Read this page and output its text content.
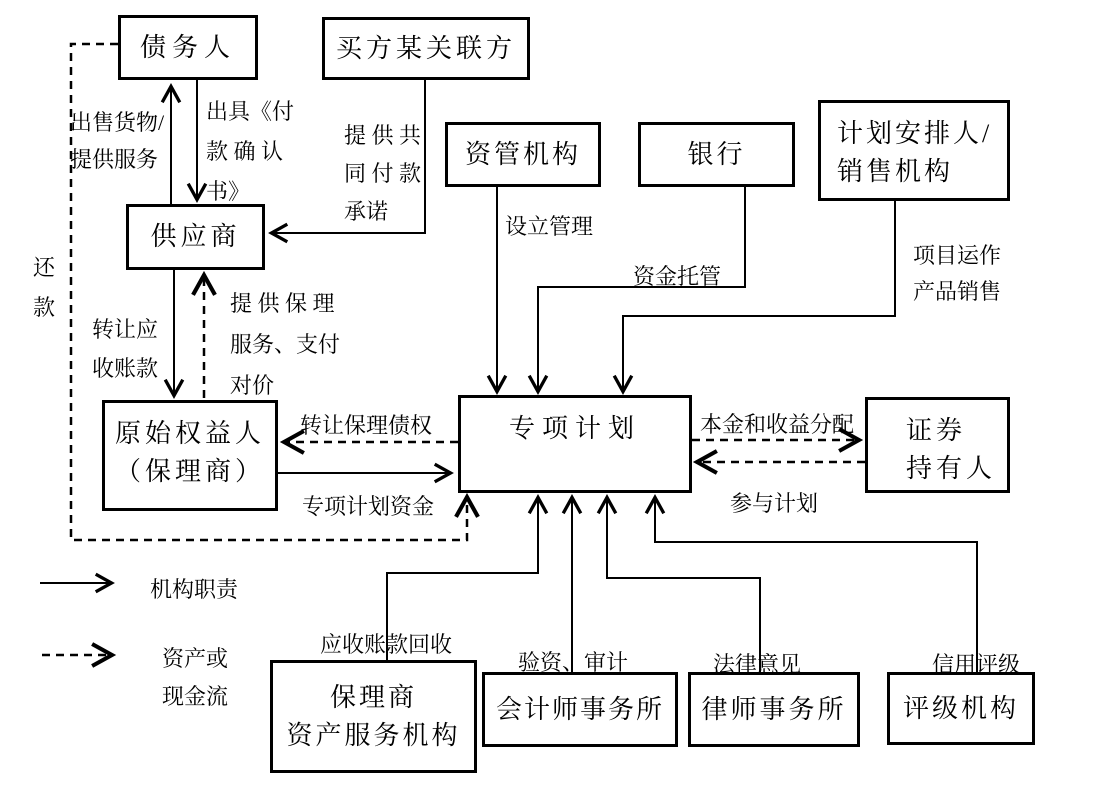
债务人	买方某关联方
资管机构	银行
计划安排人/
销售机构
供应商
原始权益人
（保理商）
专项计划	证券
持有人
保理商
资产服务机构
会计师事务所 律师事务所 评级机构
出售货物/
提供服务
出具《付
款 确 认
书》
提 供 共
同 付 款
承诺
还
款
设立管理
资金托管
项目运作
产品销售
转让应
收账款
提 供 保 理
服务、支付
对价
转让保理债权
专项计划资金
本金和收益分配
参与计划
应收账款回收
验资、审计	法律意见	信用评级
机构职责
资产或
现金流
